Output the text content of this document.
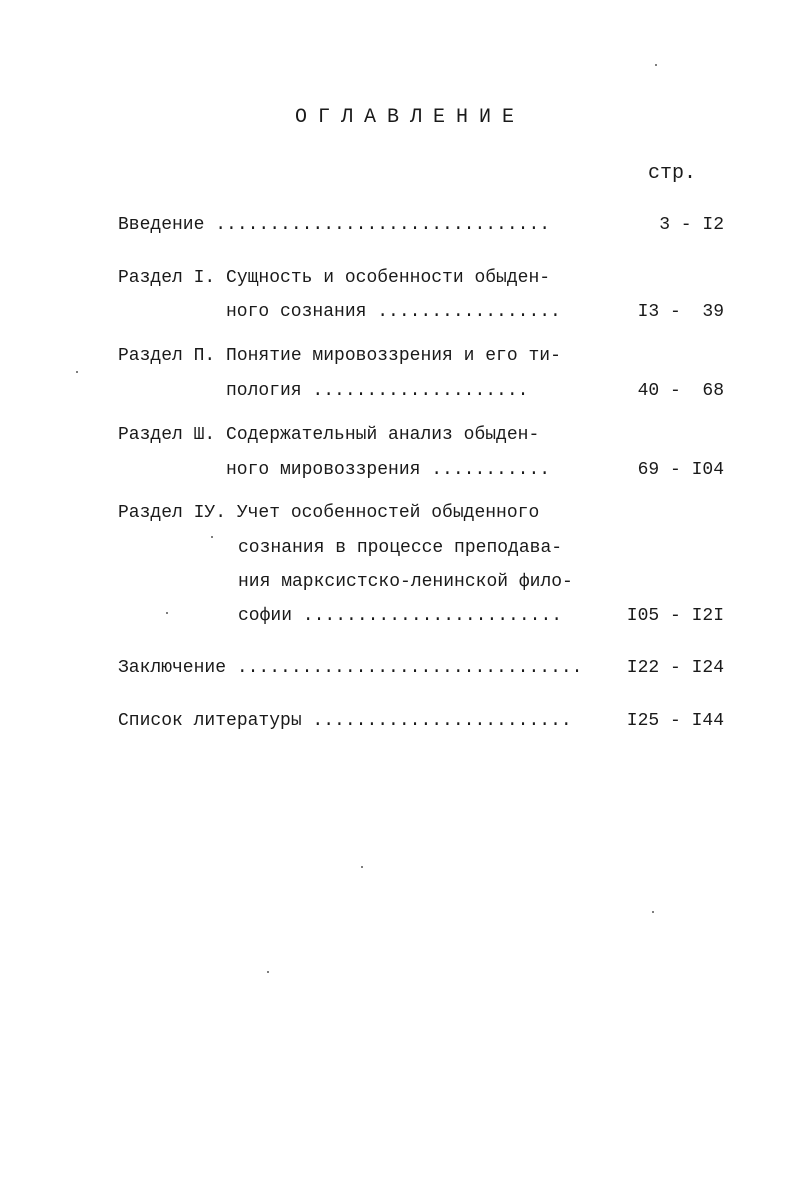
ОГЛАВЛЕНИЕ
стр.
Введение ...............................	3 - I2
Раздел I. Сущность и особенности обыден-
ного сознания .................	I3 -  39
Раздел П. Понятие мировоззрения и его ти-
пология ....................	40 -  68
Раздел Ш. Содержательный анализ обыден-
ного мировоззрения ...........	69 - I04
Раздел IУ. Учет особенностей обыденного
сознания в процессе преподава-
ния марксистско-ленинской фило-
софии ........................	I05 - I2I
Заключение ................................	I22 - I24
Список литературы ........................	I25 - I44
